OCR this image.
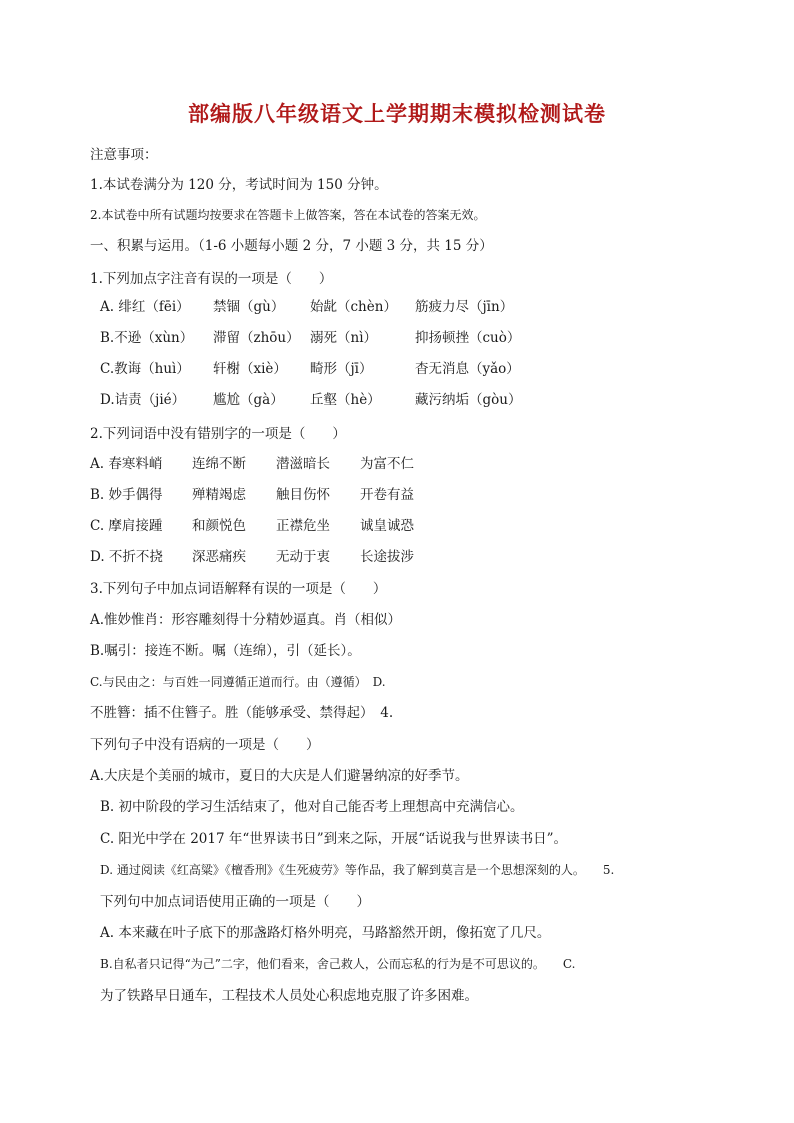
部编版八年级语文上学期期末模拟检测试卷
注意事项：
1.本试卷满分为 120 分，考试时间为 150 分钟。
2.本试卷中所有试题均按要求在答题卡上做答案，答在本试卷的答案无效。
一、积累与运用。（1-6 小题每小题 2 分，7 小题 3 分，共 15 分）
1.下列加点字注音有误的一项是（　　）
A. 绯红（fēi） 禁锢（gù） 始龀（chèn） 筋疲力尽（jīn）
B.不逊（xùn） 滞留（zhōu） 溺死（nì）	抑扬顿挫（cuò）
C.教诲（huì） 轩榭（xiè） 畸形（jī）	杳无消息（yǎo）
D.诘责（jié） 尴尬（gà） 丘壑（hè）	藏污纳垢（gòu）
2.下列词语中没有错别字的一项是（　　）
A. 春寒料峭 连绵不断 潜滋暗长 为富不仁
B. 妙手偶得 殚精竭虑 触目伤怀 开卷有益
C. 摩肩接踵 和颜悦色 正襟危坐 诚皇诚恐
D. 不折不挠 深恶痛疾 无动于衷 长途拔涉
3.下列句子中加点词语解释有误的一项是（　　）
A.惟妙惟肖：形容雕刻得十分精妙逼真。肖（相似）
B.嘱引：接连不断。嘱（连绵），引（延长）。
C.与民由之：与百姓一同遵循正道而行。由（遵循）　D.
不胜簪：插不住簪子。胜（能够承受、禁得起）　4.
下列句子中没有语病的一项是（　　）
A.大庆是个美丽的城市，夏日的大庆是人们避暑纳凉的好季节。
B. 初中阶段的学习生活结束了，他对自己能否考上理想高中充满信心。
C. 阳光中学在 2017 年“世界读书日”到来之际，开展“话说我与世界读书日”。
D. 通过阅读《红高粱》《檀香刑》《生死疲劳》等作品，我了解到莫言是一个思想深刻的人。　　5.
下列句中加点词语使用正确的一项是（　　）
A. 本来藏在叶子底下的那盏路灯格外明亮，马路豁然开朗，像拓宽了几尺。
B.自私者只记得“为己”二字，他们看来，舍己救人，公而忘私的行为是不可思议的。　　C.
为了铁路早日通车，工程技术人员处心积虑地克服了许多困难。
